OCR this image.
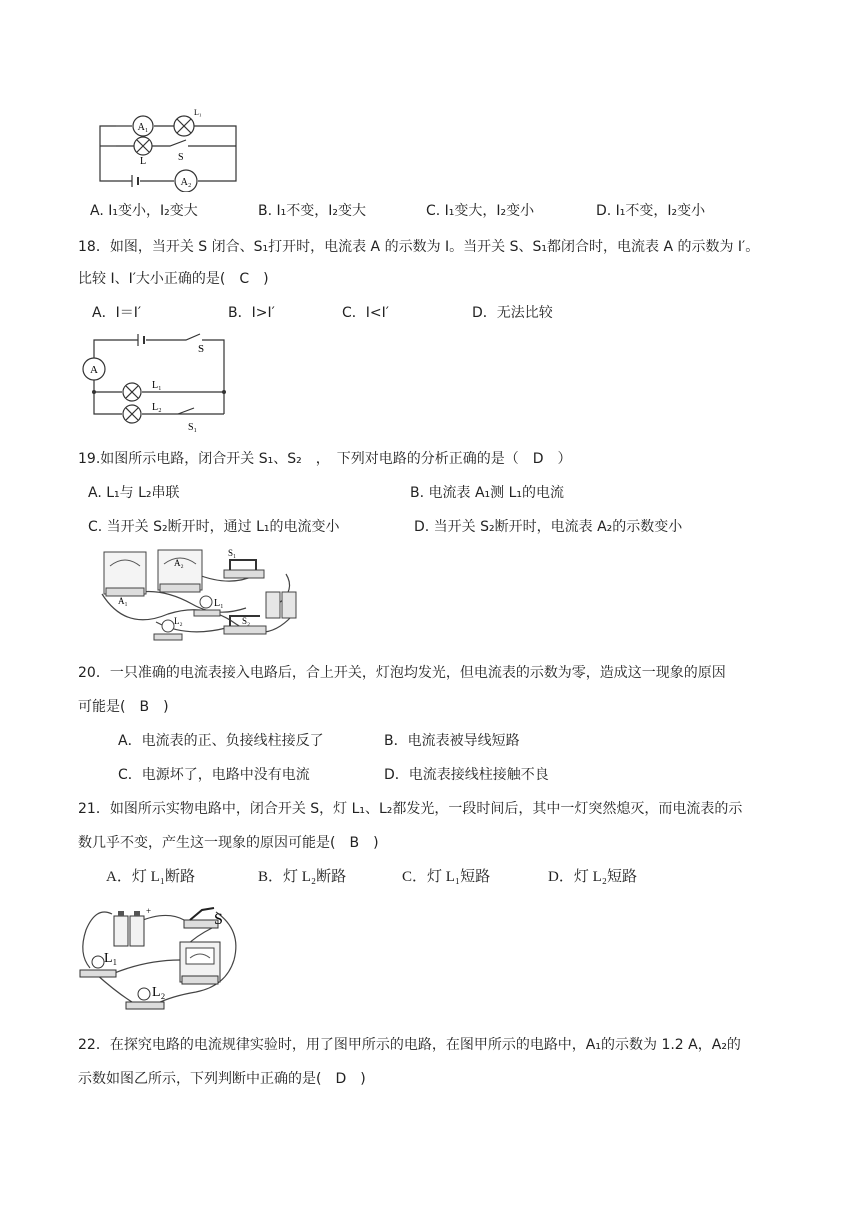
A₁
L₁
L	S
A₂
A. I₁变小，I₂变大	B. I₁不变，I₂变大	C. I₁变大，I₂变小	D. I₁不变，I₂变小
18．如图，当开关 S 闭合、S₁打开时，电流表 A 的示数为 I。当开关 S、S₁都闭合时，电流表 A 的示数为 I′。
比较 I、I′大小正确的是(　C　)
A．I＝I′	B．I>I′	C．I<I′	D．无法比较
A
S
L₁
L₂
S₁
19.如图所示电路，闭合开关 S₁、S₂　，　下列对电路的分析正确的是（　D　）
A. L₁与 L₂串联	B. 电流表 A₁测 L₁的电流
C. 当开关 S₂断开时，通过 L₁的电流变小	D. 当开关 S₂断开时，电流表 A₂的示数变小
A₁
A₂
S₁
L₁
L₂	S₂
20．一只准确的电流表接入电路后，合上开关，灯泡均发光，但电流表的示数为零，造成这一现象的原因
可能是(　B　)
A．电流表的正、负接线柱接反了	B．电流表被导线短路
C．电源坏了，电路中没有电流	D．电流表接线柱接触不良
21．如图所示实物电路中，闭合开关 S，灯 L₁、L₂都发光，一段时间后，其中一灯突然熄灭，而电流表的示
数几乎不变，产生这一现象的原因可能是(　B　)
A．灯 L₁断路	B．灯 L₂断路	C．灯 L₁短路	D．灯 L₂短路
+	S
L₁
L₂
22．在探究电路的电流规律实验时，用了图甲所示的电路，在图甲所示的电路中，A₁的示数为 1.2 A，A₂的
示数如图乙所示，下列判断中正确的是(　D　)
